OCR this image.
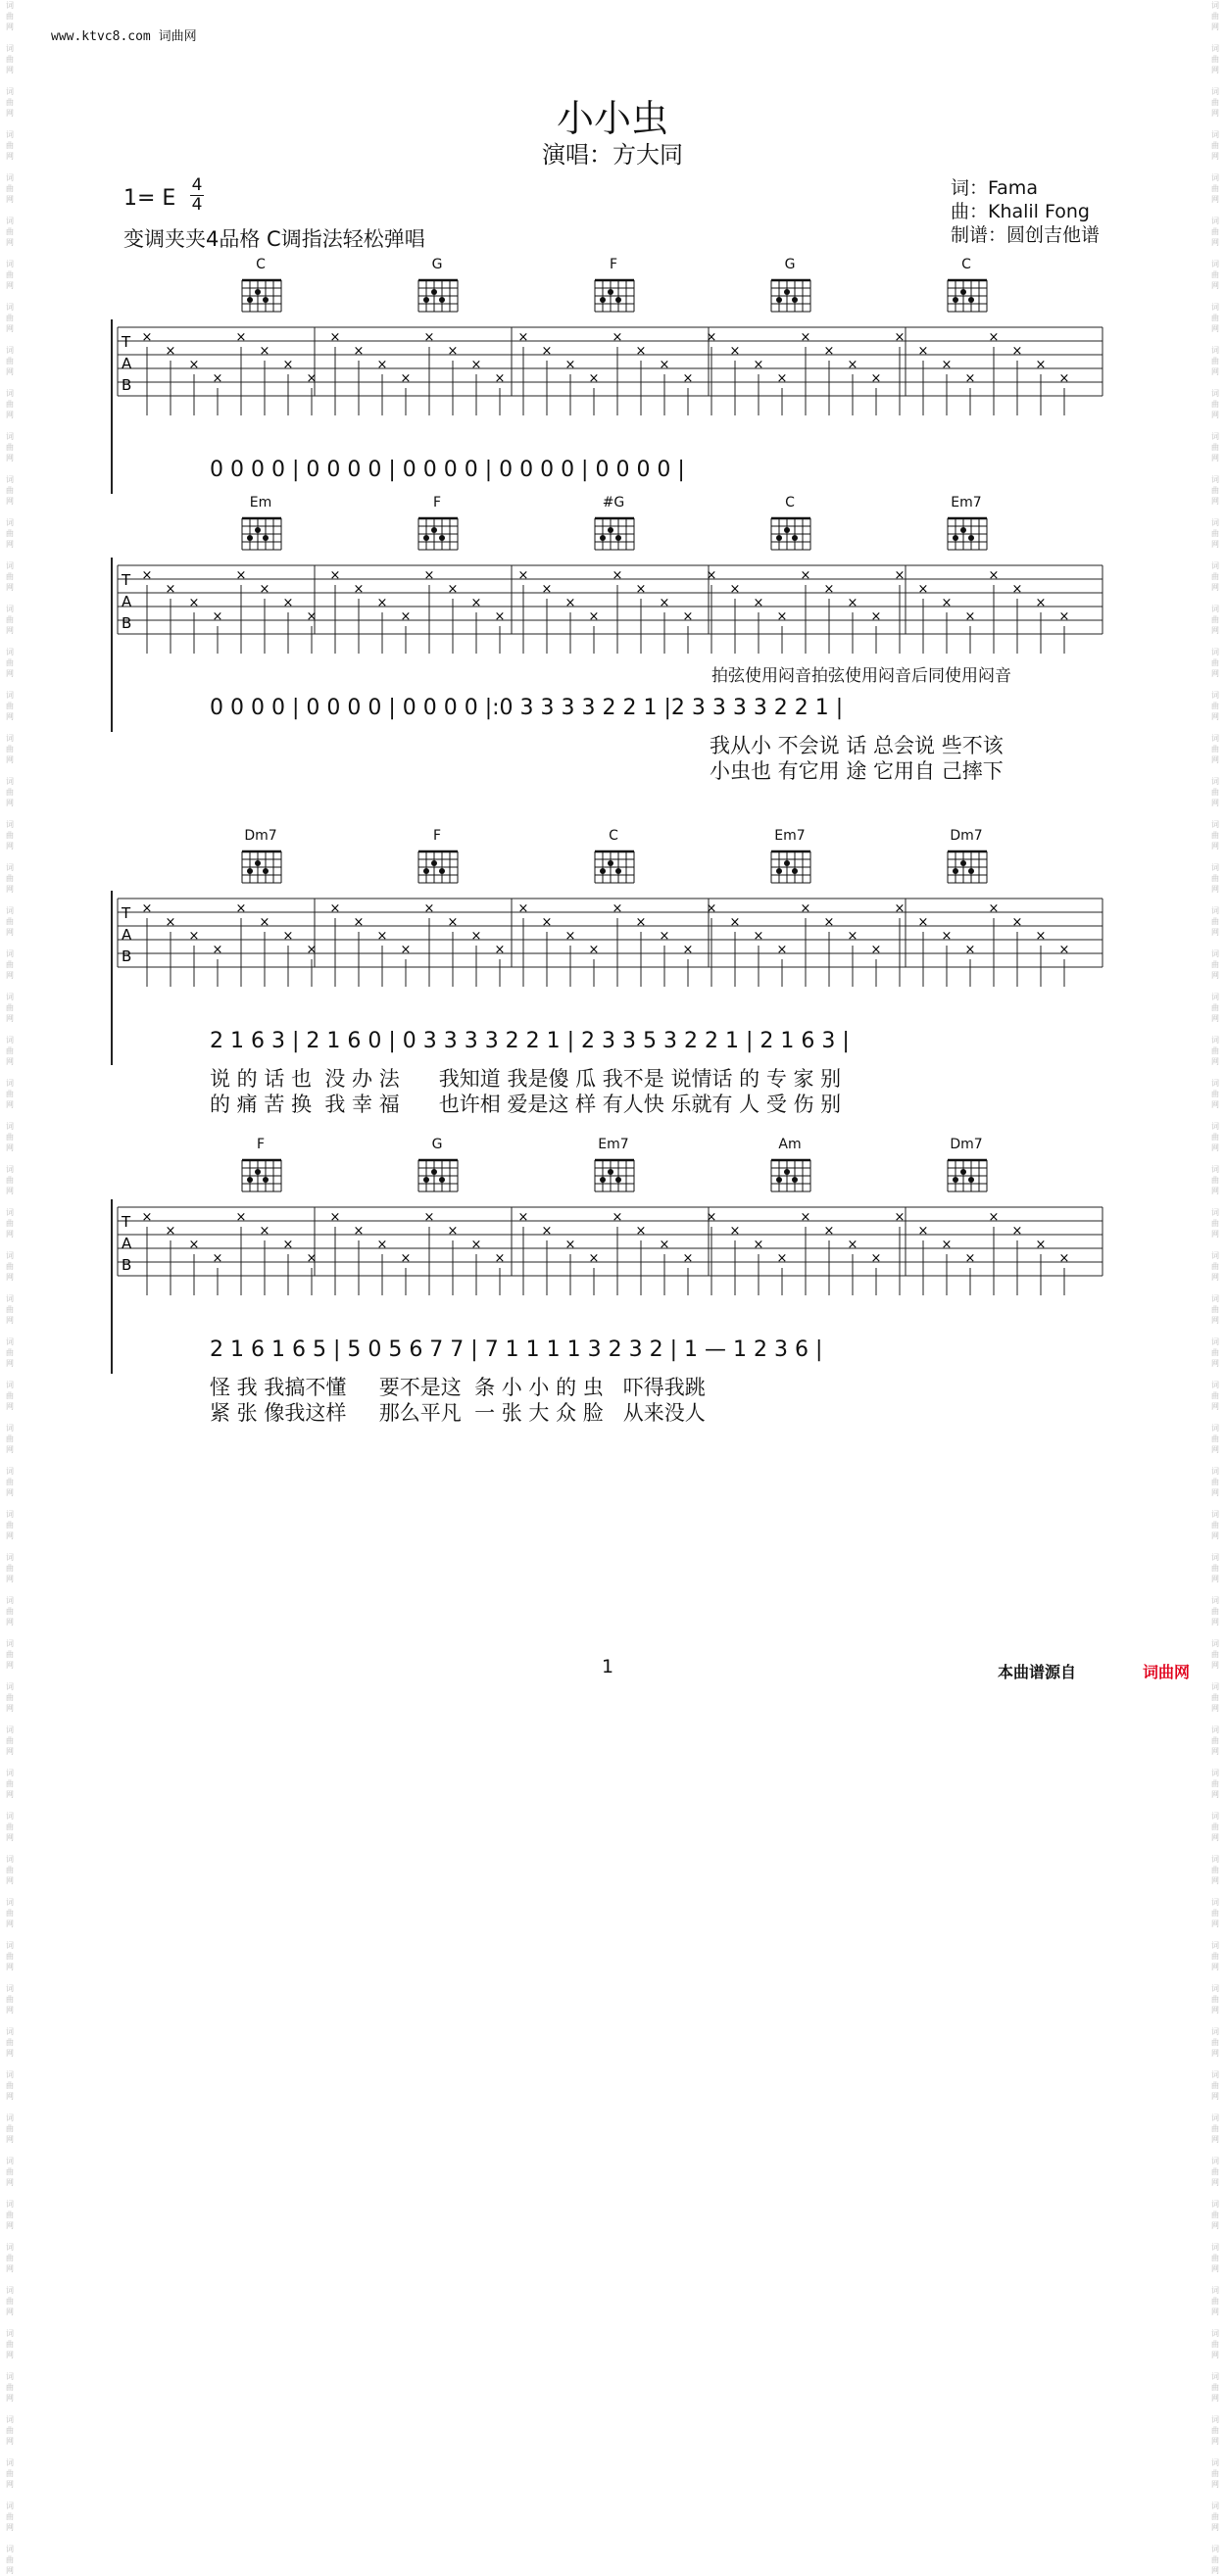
词
曲
网

词
曲
网

词
曲
网

词
曲
网

词
曲
网

词
曲
网

词
曲
网

词
曲
网

词
曲
网

词
曲
网

词
曲
网

词
曲
网

词
曲
网

词
曲
网

词
曲
网

词
曲
网

词
曲
网

词
曲
网

词
曲
网

词
曲
网

词
曲
网

词
曲
网

词
曲
网

词
曲
网

词
曲
网

词
曲
网

词
曲
网

词
曲
网

词
曲
网

词
曲
网

词
曲
网

词
曲
网

词
曲
网

词
曲
网

词
曲
网

词
曲
网

词
曲
网

词
曲
网

词
曲
网

词
曲
网

词
曲
网

词
曲
网

词
曲
网

词
曲
网

词
曲
网

词
曲
网

词
曲
网

词
曲
网

词
曲
网

词
曲
网

词
曲
网

词
曲
网

词
曲
网

词
曲
网

词
曲
网

词
曲
网

词
曲
网

词
曲
网

词
曲
网

词
曲
网

词
曲
网

词
曲
网

词
曲
网

词
曲
网

词
曲
网

词
曲
网

词
曲
网

词
曲
网

词
曲
网

词
曲
网

词
曲
网

词
曲
网

词
曲
网

词
曲
网

词
曲
网

词
曲
网

词
曲
网

词
曲
网

词
曲
网

词
曲
网

词
曲
网

词
曲
网

词
曲
网

词
曲
网

词
曲
网

词
曲
网

词
曲
网

词
曲
网

词
曲
网

词
曲
网

词
曲
网

词
曲
网

词
曲
网

词
曲
网

词
曲
网

词
曲
网

词
曲
网

词
曲
网

词
曲
网

词
曲
网

词
曲
网

词
曲
网

词
曲
网

词
曲
网

词
曲
网

词
曲
网

词
曲
网

词
曲
网

词
曲
网

词
曲
网

词
曲
网

词
曲
网

词
曲
网

词
曲
网

词
曲
网

词
曲
网

词
曲
网

词
曲
网

词
曲
网

词
曲
网

www.ktvc8.com 词曲网
小小虫
演唱：方大同
1= E
4
4
变调夹夹4品格 C调指法轻松弹唱
词：Fama
曲：Khalil Fong
制谱：圆创吉他谱
C	G	F	G	C
×
×
×
×
×
×
×
×
×
×
×
×
×
×
×
×
×
×
×
×
×
×
×
×
×
×
×
×
×
×
×
×
×
×
×
×
×
×
×
×
T
A
B
0 0 0 0 | 0 0 0 0 | 0 0 0 0 | 0 0 0 0 | 0 0 0 0 |
Em	F	#G	C	Em7
×
×
×
×
×
×
×
×
×
×
×
×
×
×
×
×
×
×
×
×
×
×
×
×
×
×
×
×
×
×
×
×
×
×
×
×
×
×
×
×
T
A
B
拍弦使用闷音拍弦使用闷音后同使用闷音
0 0 0 0 | 0 0 0 0 | 0 0 0 0 |:0 3 3 3 3 2 2 1 |2 3 3 3 3 2 2 1 |
我从小 不会说 话 总会说 些不该
小虫也 有它用 途 它用自 己摔下
Dm7	F	C	Em7	Dm7
×
×
×
×
×
×
×
×
×
×
×
×
×
×
×
×
×
×
×
×
×
×
×
×
×
×
×
×
×
×
×
×
×
×
×
×
×
×
×
×
T
A
B
2 1 6 3 | 2 1 6 0 | 0 3 3 3 3 2 2 1 | 2 3 3 5 3 2 2 1 | 2 1 6 3 |
说 的 话 也  没 办 法      我知道 我是傻 瓜 我不是 说情话 的 专 家 别
的 痛 苦 换  我 幸 福      也许相 爱是这 样 有人快 乐就有 人 受 伤 别
F	G	Em7	Am	Dm7
×
×
×
×
×
×
×
×
×
×
×
×
×
×
×
×
×
×
×
×
×
×
×
×
×
×
×
×
×
×
×
×
×
×
×
×
×
×
×
×
T
A
B
2 1 6 1 6 5 | 5 0 5 6 7 7 | 7 1 1 1 1 3 2 3 2 | 1 — 1 2 3 6 |
怪 我 我搞不懂     要不是这  条 小 小 的 虫   吓得我跳
紧 张 像我这样     那么平凡  一 张 大 众 脸   从来没人
1	本曲谱源自	词曲网
